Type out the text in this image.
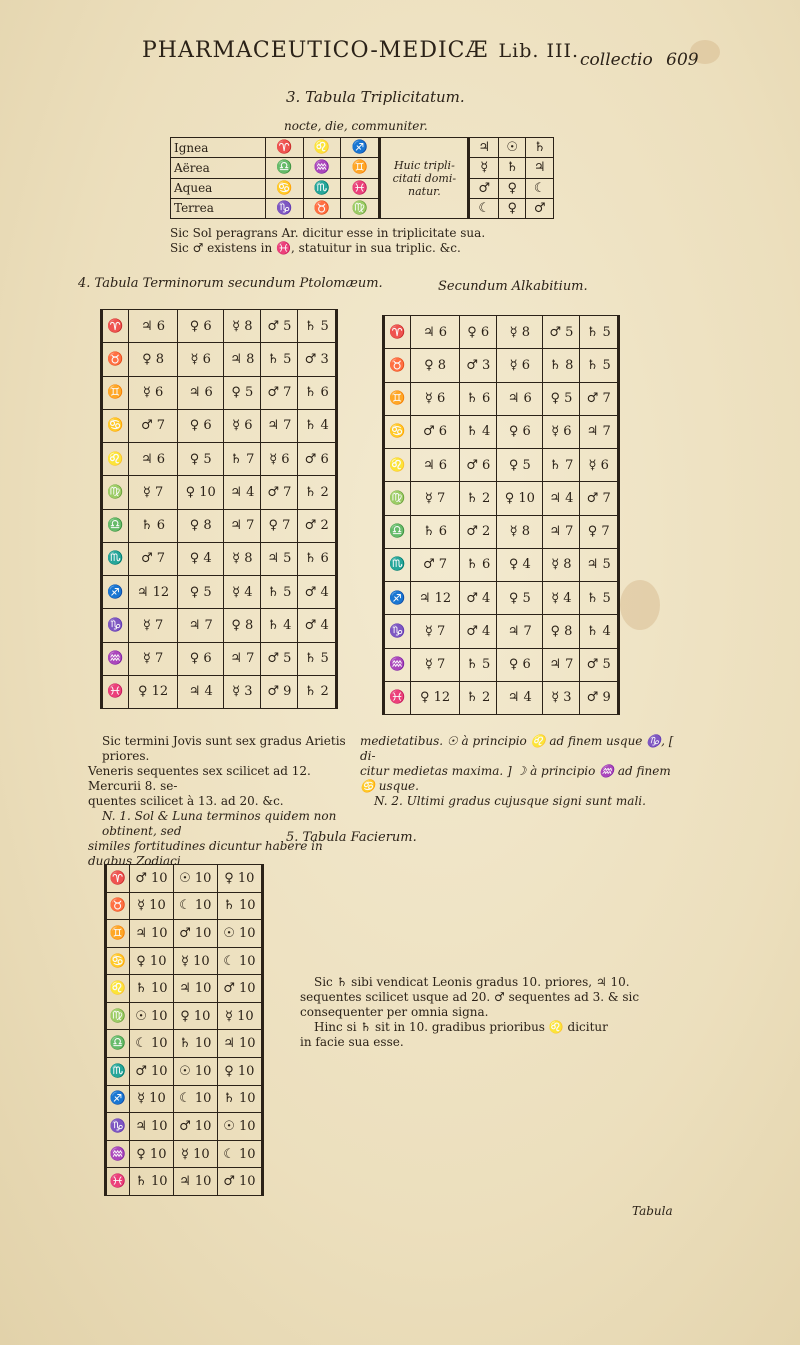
PHARMACEUTICO-MEDICÆ Lib. III. collectio 609
3. Tabula Triplicitatum.
nocte, die, communiter.
Ignea	♈	♌	♐	Huic tripli-citati domi-natur.	♃	☉	♄
Aërea	♎	♒	♊		☿	♄	♃
Aquea	♋	♏	♓		♂	♀	☾
Terrea	♑	♉	♍		☾	♀	♂
Sic Sol peragrans Ar. dicitur esse in triplicitate sua.
Sic ♂ existens in ♓, statuitur in sua triplic. &c.
4. Tabula Terminorum secundum Ptolomæum.	Secundum Alkabitium.
♈	♃ 6	♀ 6	☿ 8	♂ 5	♄ 5
♉	♀ 8	☿ 6	♃ 8	♄ 5	♂ 3
♊	☿ 6	♃ 6	♀ 5	♂ 7	♄ 6
♋	♂ 7	♀ 6	☿ 6	♃ 7	♄ 4
♌	♃ 6	♀ 5	♄ 7	☿ 6	♂ 6
♍	☿ 7	♀ 10	♃ 4	♂ 7	♄ 2
♎	♄ 6	♀ 8	♃ 7	♀ 7	♂ 2
♏	♂ 7	♀ 4	☿ 8	♃ 5	♄ 6
♐	♃ 12	♀ 5	☿ 4	♄ 5	♂ 4
♑	☿ 7	♃ 7	♀ 8	♄ 4	♂ 4
♒	☿ 7	♀ 6	♃ 7	♂ 5	♄ 5
♓	♀ 12	♃ 4	☿ 3	♂ 9	♄ 2
♈	♃ 6	♀ 6	☿ 8	♂ 5	♄ 5
♉	♀ 8	♂ 3	☿ 6	♄ 8	♄ 5
♊	☿ 6	♄ 6	♃ 6	♀ 5	♂ 7
♋	♂ 6	♄ 4	♀ 6	☿ 6	♃ 7
♌	♃ 6	♂ 6	♀ 5	♄ 7	☿ 6
♍	☿ 7	♄ 2	♀ 10	♃ 4	♂ 7
♎	♄ 6	♂ 2	☿ 8	♃ 7	♀ 7
♏	♂ 7	♄ 6	♀ 4	☿ 8	♃ 5
♐	♃ 12	♂ 4	♀ 5	☿ 4	♄ 5
♑	☿ 7	♂ 4	♃ 7	♀ 8	♄ 4
♒	☿ 7	♄ 5	♀ 6	♃ 7	♂ 5
♓	♀ 12	♄ 2	♃ 4	☿ 3	♂ 9
Sic termini Jovis sunt sex gradus Arietis priores.
Veneris sequentes sex scilicet ad 12. Mercurii 8. se-
quentes scilicet à 13. ad 20. &c.
N. 1. Sol & Luna terminos quidem non obtinent, sed
similes fortitudines dicuntur habere in duabus Zodiaci
medietatibus. ☉ à principio ♌ ad finem usque ♑, [ di-
citur medietas maxima. ] ☽ à principio ♒ ad finem
♋ usque.
N. 2. Ultimi gradus cujusque signi sunt mali.
5. Tabula Facierum.
♈	♂ 10	☉ 10	♀ 10
♉	☿ 10	☾ 10	♄ 10
♊	♃ 10	♂ 10	☉ 10
♋	♀ 10	☿ 10	☾ 10
♌	♄ 10	♃ 10	♂ 10
♍	☉ 10	♀ 10	☿ 10
♎	☾ 10	♄ 10	♃ 10
♏	♂ 10	☉ 10	♀ 10
♐	☿ 10	☾ 10	♄ 10
♑	♃ 10	♂ 10	☉ 10
♒	♀ 10	☿ 10	☾ 10
♓	♄ 10	♃ 10	♂ 10
Sic ♄ sibi vendicat Leonis gradus 10. priores, ♃ 10.
sequentes scilicet usque ad 20. ♂ sequentes ad 3. & sic
consequenter per omnia signa.
Hinc si ♄ sit in 10. gradibus prioribus ♌ dicitur
in facie sua esse.
Tabula
